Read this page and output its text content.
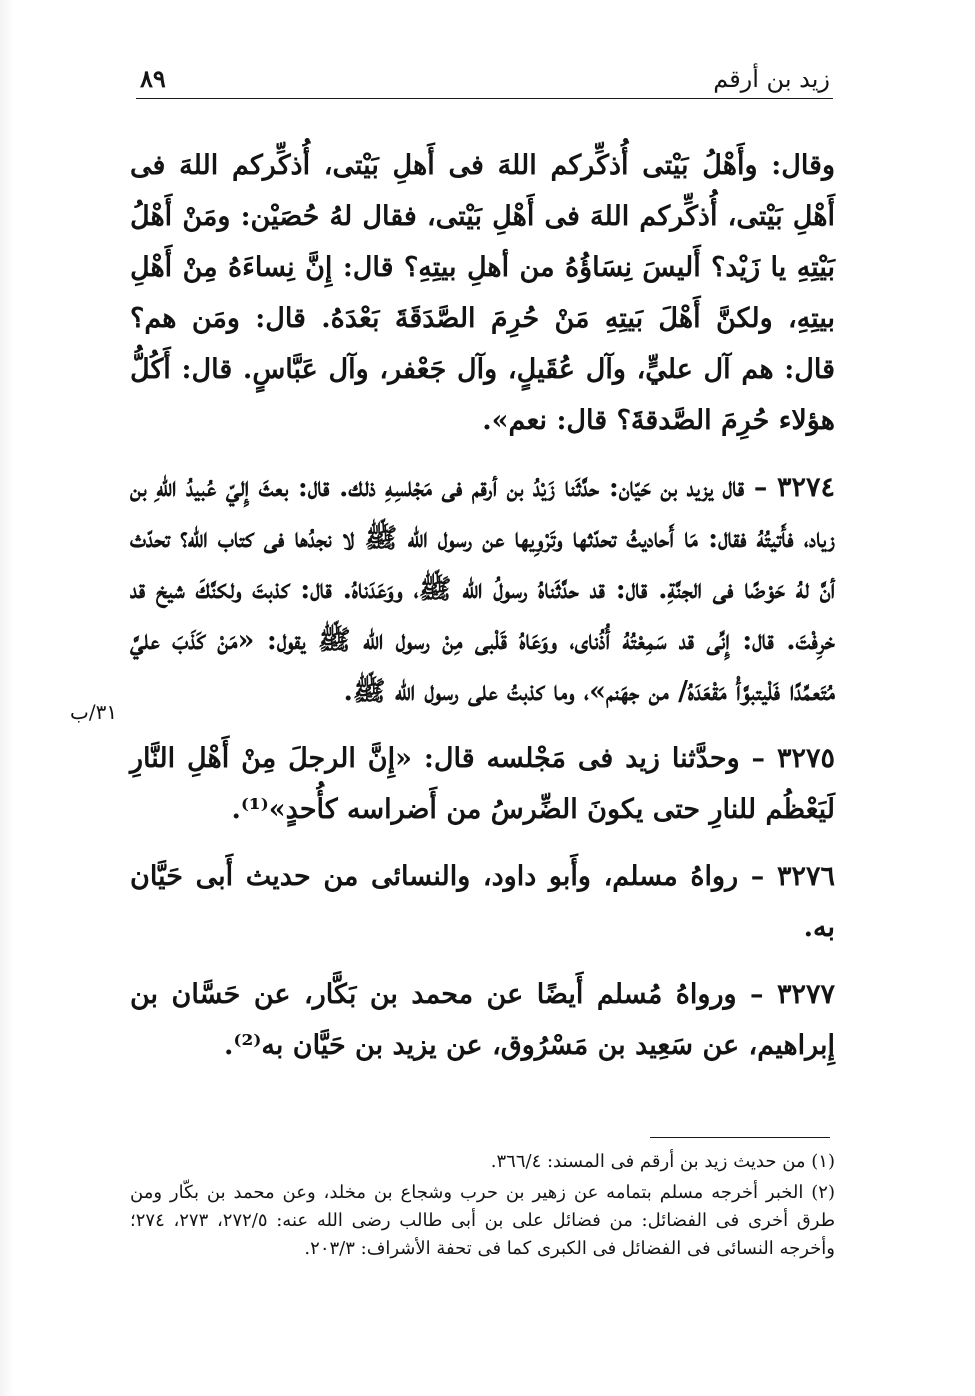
زيد بن أرقم
٨٩
٣١/ب

وقال: وأَهْلُ بَيْتى أُذكِّركم اللهَ فى أَهلِ بَيْتى، أُذكِّركم اللهَ فى أَهْلِ بَيْتى، أُذكِّركم اللهَ فى أَهْلِ بَيْتى، فقال لهُ حُصَيْن: ومَنْ أَهْلُ بَيْتِهِ يا زَيْد؟ أَليسَ نِسَاؤُهُ من أهلِ بيتِهِ؟ قال: إِنَّ نِساءَهُ مِنْ أَهْلِ بيتِهِ، ولكنَّ أَهْلَ بَيتِهِ مَنْ حُرِمَ الصَّدَقَةَ بَعْدَهُ. قال: ومَن هم؟ قال: هم آل عليٍّ، وآل عُقَيلٍ، وآل جَعْفر، وآل عَبَّاسٍ. قال: أَكُلُّ هؤلاء حُرِمَ الصَّدقةَ؟ قال: نعم».

٣٢٧٤ – قال يزيد بن حَيّان: حدَّثَنا زَيْدُ بن أرقم فى مَجْلسِهِ ذلك. قال: بعثَ إِليّ عُبيدُ اللهِ بن زياد، فأَتيتُهُ فقال: مَا أَحاديثُ تحدّثها وتَرْوِيها عن رسول الله ﷺ لا نجدُها فى كتاب الله؟ تحدّث أنَّ لهُ حَوْضًا فى الجنَّةِ. قال: قد حدَّثَناهُ رسولُ الله ﷺ، ووَعَدَناهُ. قال: كذبتَ ولكنَّكَ شيخ قد خرِفْتَ. قال: إِنِّى قد سَمِعْتُهُ أُذُناى، ووَعَاهُ قَلْبى مِنْ رسول الله ﷺ يقول: «مَنْ كَذَبَ عليَّ مُتَعمِّدًا فَلْيتبوَّأْ مَقْعَدَهُ/ من جهَنم»، وما كذبتُ على رسول الله ﷺ.

٣٢٧٥ – وحدَّثنا زيد فى مَجْلسه قال: «إِنَّ الرجلَ مِنْ أَهْلِ النَّارِ لَيَعْظُم للنارِ حتى يكونَ الضِّرسُ من أَضراسه كأُحدٍ»⁽¹⁾.

٣٢٧٦ – رواهُ مسلم، وأَبو داود، والنسائى من حديث أَبى حَيَّان به.

٣٢٧٧ – ورواهُ مُسلم أَيضًا عن محمد بن بَكَّار، عن حَسَّان بن إِبراهيم، عن سَعِيد بن مَسْرُوق، عن يزيد بن حَيَّان به⁽²⁾.

(١) من حديث زيد بن أرقم فى المسند: ٣٦٦/٤.

(٢) الخبر أخرجه مسلم بتمامه عن زهير بن حرب وشجاع بن مخلد، وعن محمد بن بكّار ومن طرق أخرى فى الفضائل: من فضائل على بن أبى طالب رضى الله عنه: ٢٧٢/٥، ٢٧٣، ٢٧٤؛ وأخرجه النسائى فى الفضائل فى الكبرى كما فى تحفة الأشراف: ٢٠٣/٣.
